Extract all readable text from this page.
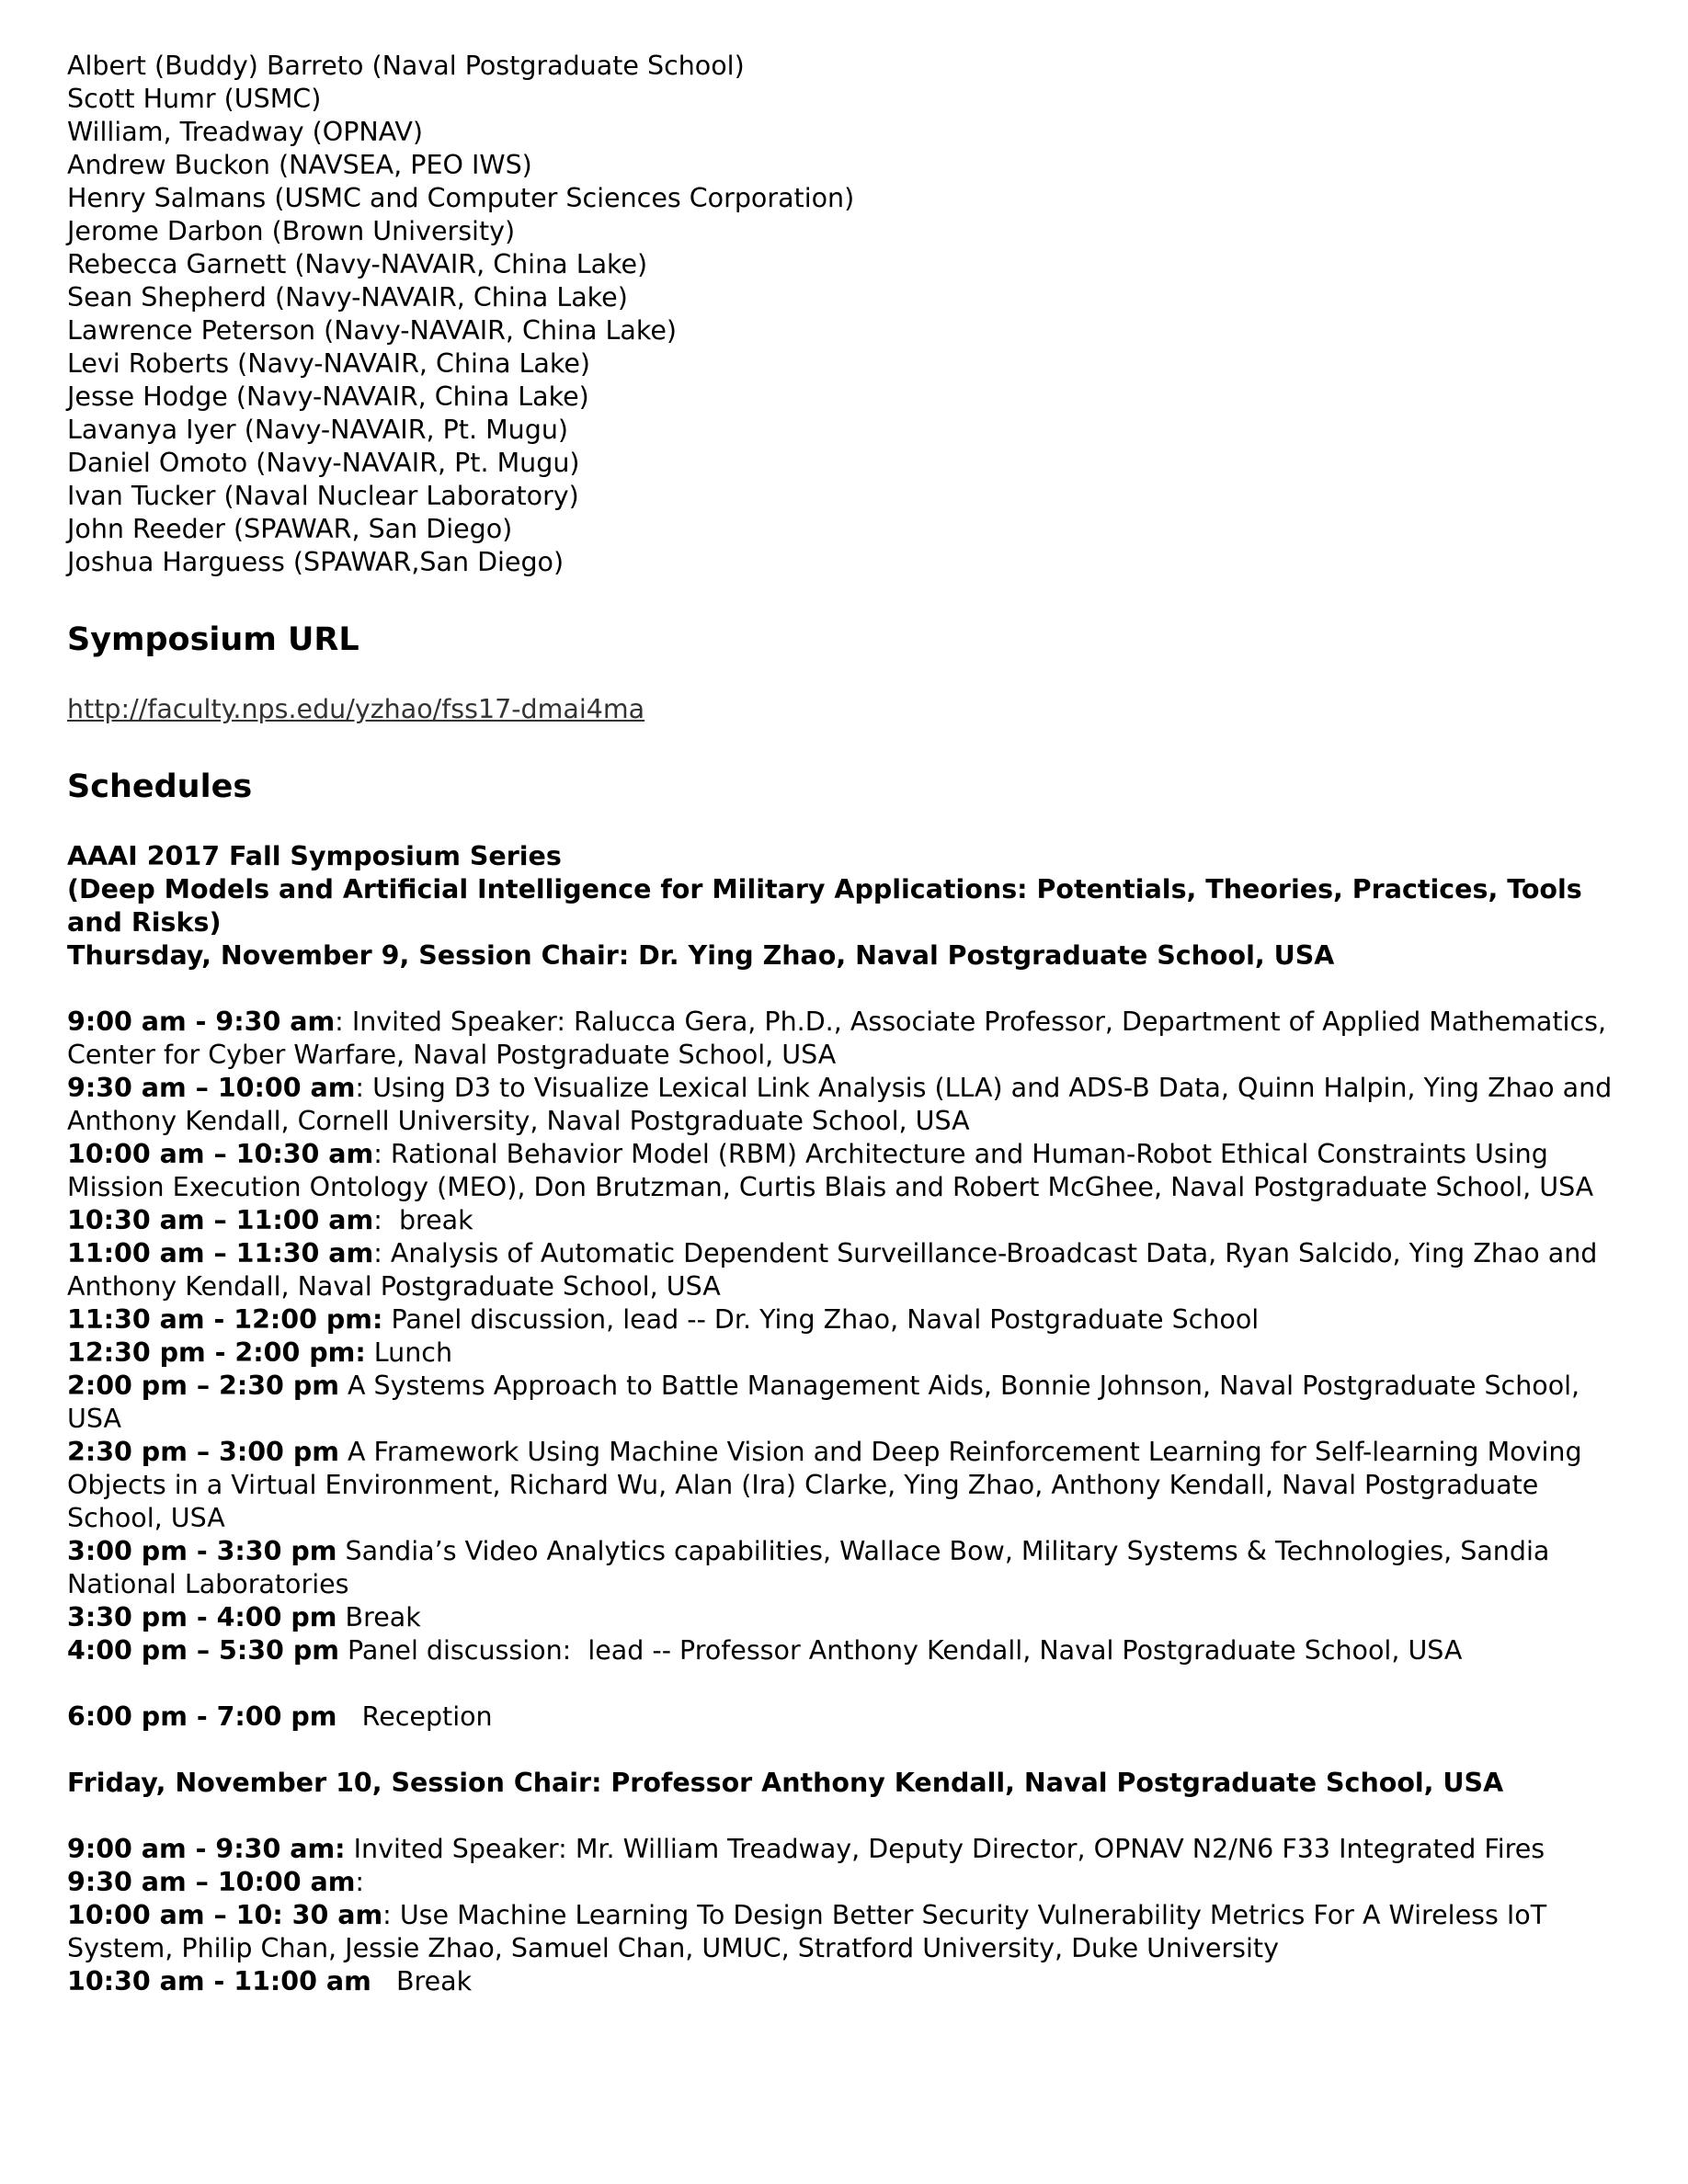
Albert (Buddy) Barreto (Naval Postgraduate School)
Scott Humr (USMC)
William, Treadway (OPNAV)
Andrew Buckon (NAVSEA, PEO IWS)
Henry Salmans (USMC and Computer Sciences Corporation)
Jerome Darbon (Brown University)
Rebecca Garnett (Navy-NAVAIR, China Lake)
Sean Shepherd (Navy-NAVAIR, China Lake)
Lawrence Peterson (Navy-NAVAIR, China Lake)
Levi Roberts (Navy-NAVAIR, China Lake)
Jesse Hodge (Navy-NAVAIR, China Lake)
Lavanya Iyer (Navy-NAVAIR, Pt. Mugu)
Daniel Omoto (Navy-NAVAIR, Pt. Mugu)
Ivan Tucker (Naval Nuclear Laboratory)
John Reeder (SPAWAR, San Diego)
Joshua Harguess (SPAWAR,San Diego)
Symposium URL
http://faculty.nps.edu/yzhao/fss17-dmai4ma
Schedules
AAAI 2017 Fall Symposium Series
(Deep Models and Artificial Intelligence for Military Applications: Potentials, Theories, Practices, Tools and Risks)
Thursday, November 9, Session Chair: Dr. Ying Zhao, Naval Postgraduate School, USA

9:00 am - 9:30 am: Invited Speaker: Ralucca Gera, Ph.D., Associate Professor, Department of Applied Mathematics, Center for Cyber Warfare, Naval Postgraduate School, USA

9:30 am – 10:00 am: Using D3 to Visualize Lexical Link Analysis (LLA) and ADS-B Data, Quinn Halpin, Ying Zhao and Anthony Kendall, Cornell University, Naval Postgraduate School, USA

10:00 am – 10:30 am: Rational Behavior Model (RBM) Architecture and Human-Robot Ethical Constraints Using Mission Execution Ontology (MEO), Don Brutzman, Curtis Blais and Robert McGhee, Naval Postgraduate School, USA

10:30 am – 11:00 am:  break

11:00 am – 11:30 am: Analysis of Automatic Dependent Surveillance-Broadcast Data, Ryan Salcido, Ying Zhao and Anthony Kendall, Naval Postgraduate School, USA

11:30 am - 12:00 pm: Panel discussion, lead -- Dr. Ying Zhao, Naval Postgraduate School

12:30 pm - 2:00 pm: Lunch

2:00 pm – 2:30 pm A Systems Approach to Battle Management Aids, Bonnie Johnson, Naval Postgraduate School, USA

2:30 pm – 3:00 pm A Framework Using Machine Vision and Deep Reinforcement Learning for Self-learning Moving Objects in a Virtual Environment, Richard Wu, Alan (Ira) Clarke, Ying Zhao, Anthony Kendall, Naval Postgraduate School, USA

3:00 pm - 3:30 pm Sandia’s Video Analytics capabilities, Wallace Bow, Military Systems & Technologies, Sandia National Laboratories

3:30 pm - 4:00 pm Break

4:00 pm – 5:30 pm Panel discussion:  lead -- Professor Anthony Kendall, Naval Postgraduate School, USA

6:00 pm - 7:00 pm   Reception

Friday, November 10, Session Chair: Professor Anthony Kendall, Naval Postgraduate School, USA

9:00 am - 9:30 am: Invited Speaker: Mr. William Treadway, Deputy Director, OPNAV N2/N6 F33 Integrated Fires

9:30 am – 10:00 am:

10:00 am – 10: 30 am: Use Machine Learning To Design Better Security Vulnerability Metrics For A Wireless IoT System, Philip Chan, Jessie Zhao, Samuel Chan, UMUC, Stratford University, Duke University

10:30 am - 11:00 am   Break
